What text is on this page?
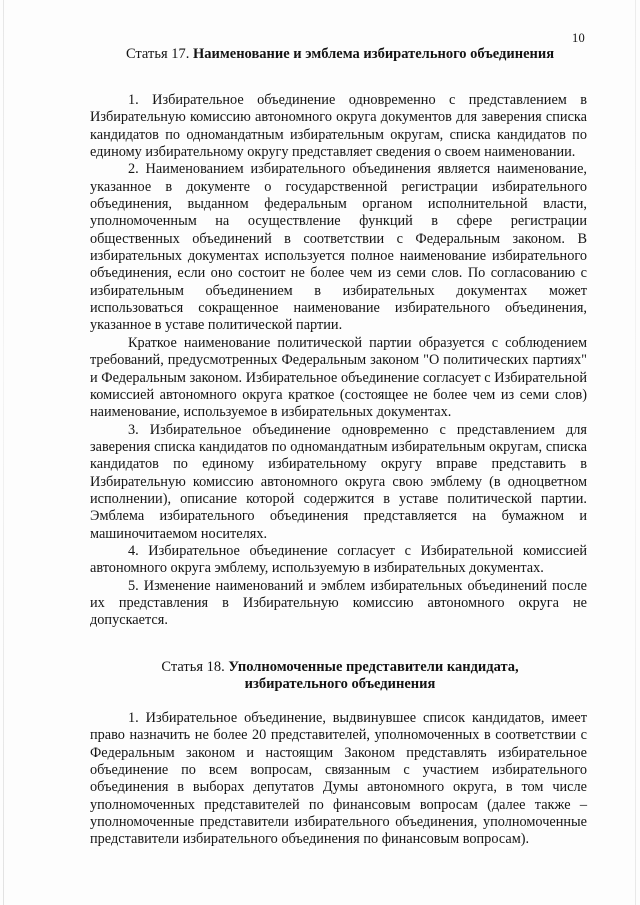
10
Статья 17. Наименование и эмблема избирательного объединения

1. Избирательное объединение одновременно с представлением в Избирательную комиссию автономного округа документов для заверения списка кандидатов по одномандатным избирательным округам, списка кандидатов по единому избирательному округу представляет сведения о своем наименовании.

2. Наименованием избирательного объединения является наименование, указанное в документе о государственной регистрации избирательного объединения, выданном федеральным органом исполнительной власти, уполномоченным на осуществление функций в сфере регистрации общественных объединений в соответствии с Федеральным законом. В избирательных документах используется полное наименование избирательного объединения, если оно состоит не более чем из семи слов. По согласованию с избирательным объединением в избирательных документах может использоваться сокращенное наименование избирательного объединения, указанное в уставе политической партии.

Краткое наименование политической партии образуется с соблюдением требований, предусмотренных Федеральным законом "О политических партиях" и Федеральным законом. Избирательное объединение согласует с Избирательной комиссией автономного округа краткое (состоящее не более чем из семи слов) наименование, используемое в избирательных документах.

3. Избирательное объединение одновременно с представлением для заверения списка кандидатов по одномандатным избирательным округам, списка кандидатов по единому избирательному округу вправе представить в Избирательную комиссию автономного округа свою эмблему (в одноцветном исполнении), описание которой содержится в уставе политической партии. Эмблема избирательного объединения представляется на бумажном и машиночитаемом носителях.

4. Избирательное объединение согласует с Избирательной комиссией автономного округа эмблему, используемую в избирательных документах.

5. Изменение наименований и эмблем избирательных объединений после их представления в Избирательную комиссию автономного округа не допускается.

Статья 18. Уполномоченные представители кандидата,
избирательного объединения

1. Избирательное объединение, выдвинувшее список кандидатов, имеет право назначить не более 20 представителей, уполномоченных в соответствии с Федеральным законом и настоящим Законом представлять избирательное объединение по всем вопросам, связанным с участием избирательного объединения в выборах депутатов Думы автономного округа, в том числе уполномоченных представителей по финансовым вопросам (далее также – уполномоченные представители избирательного объединения, уполномоченные представители избирательного объединения по финансовым вопросам).
